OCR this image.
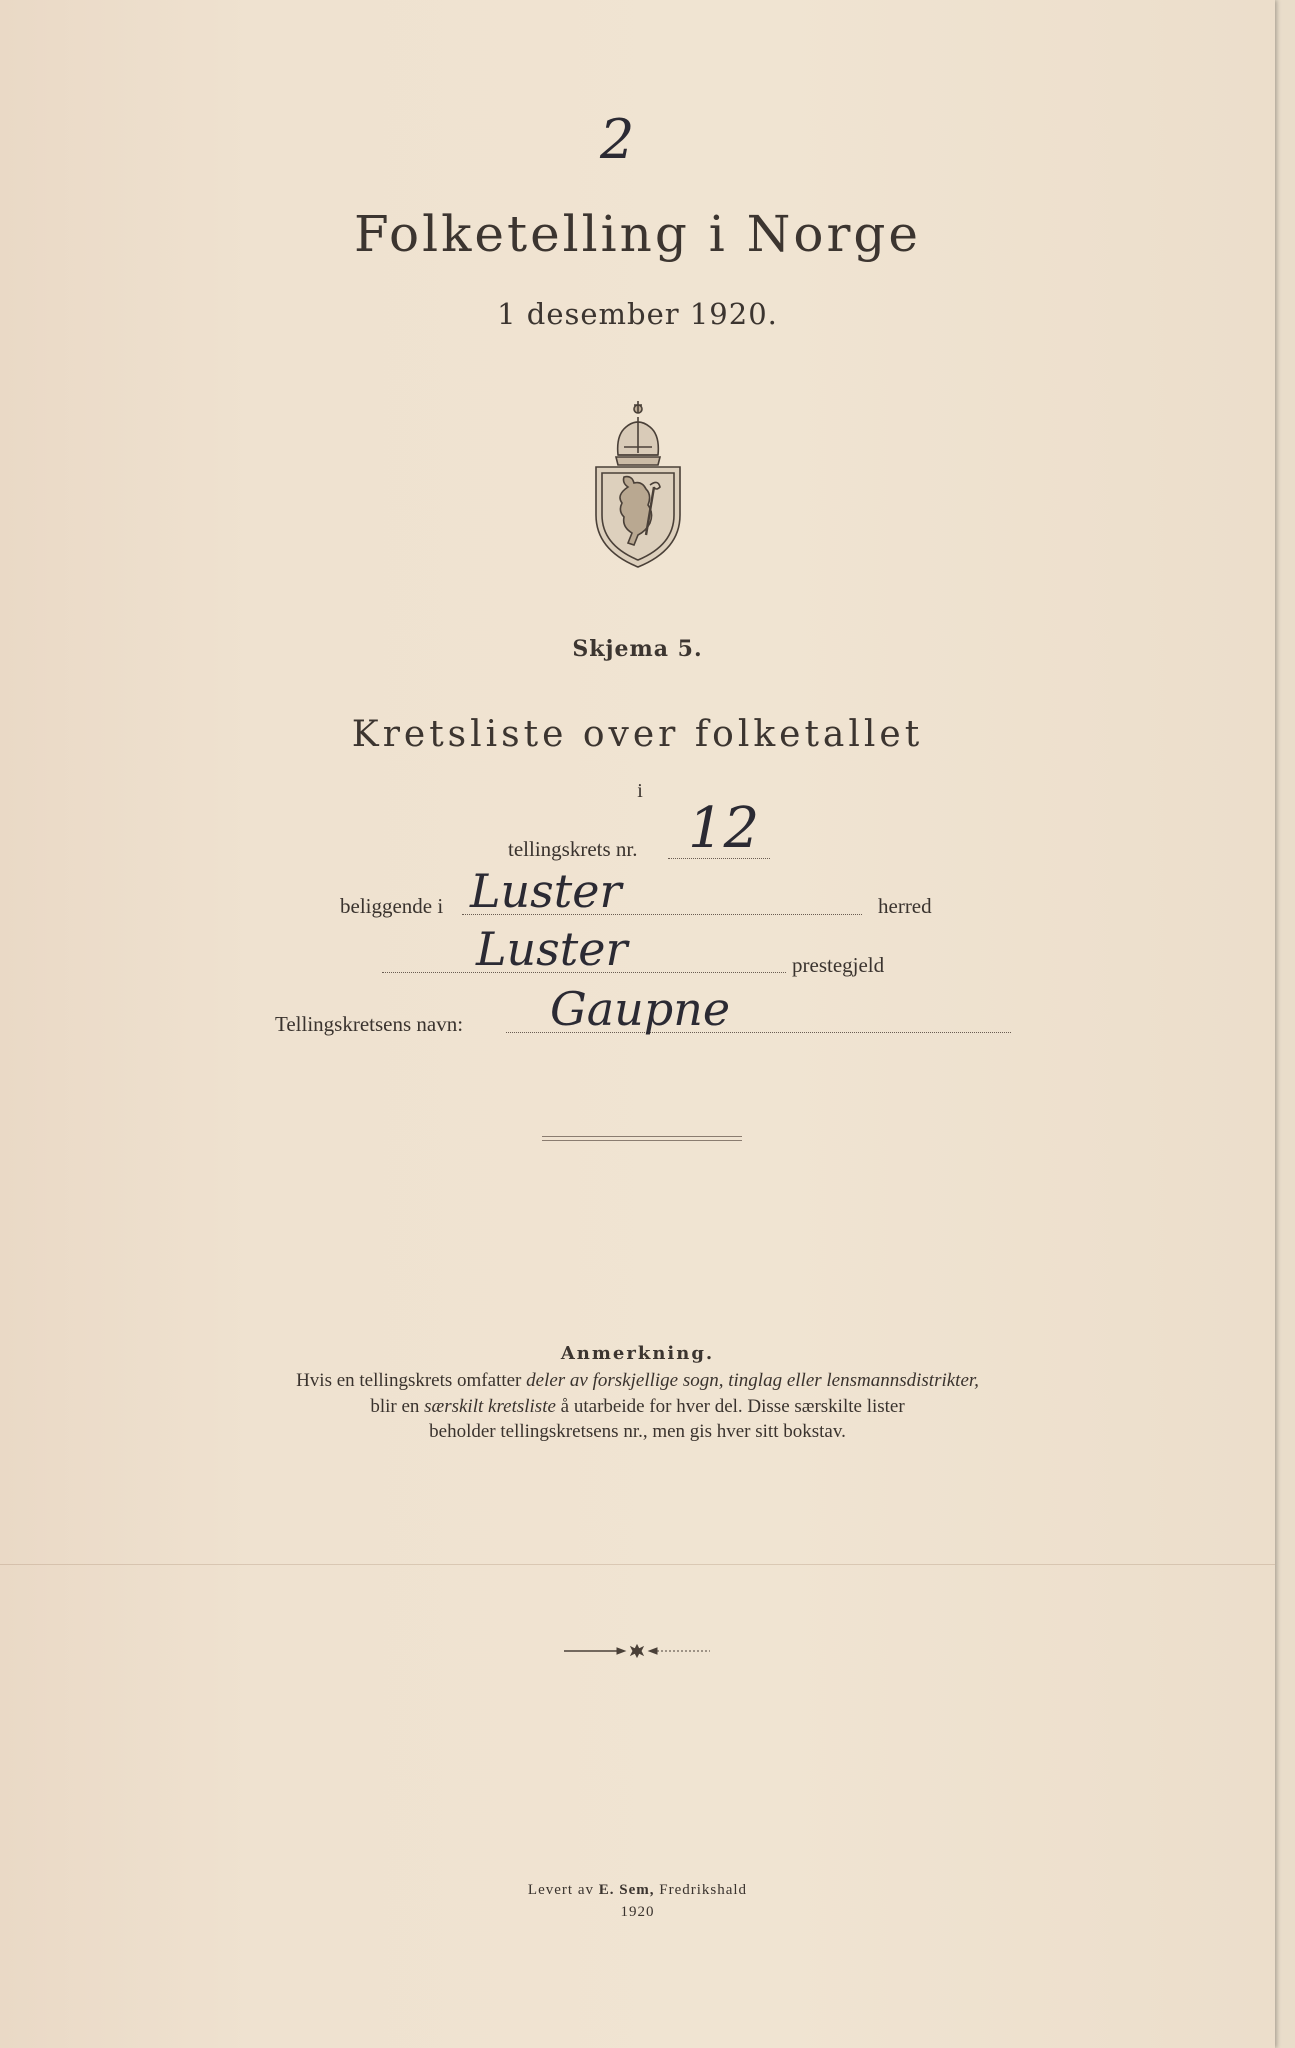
2
Folketelling i Norge
1 desember 1920.
Skjema 5.
Kretsliste over folketallet
i
tellingskrets nr. 12
beliggende i Luster	herred
Luster	prestegjeld
Tellingskretsens navn: Gaupne
Anmerkning.
Hvis en tellingskrets omfatter deler av forskjellige sogn, tinglag eller lensmannsdistrikter,
blir en særskilt kretsliste å utarbeide for hver del. Disse særskilte lister
beholder tellingskretsens nr., men gis hver sitt bokstav.
Levert av E. Sem, Fredrikshald
1920
